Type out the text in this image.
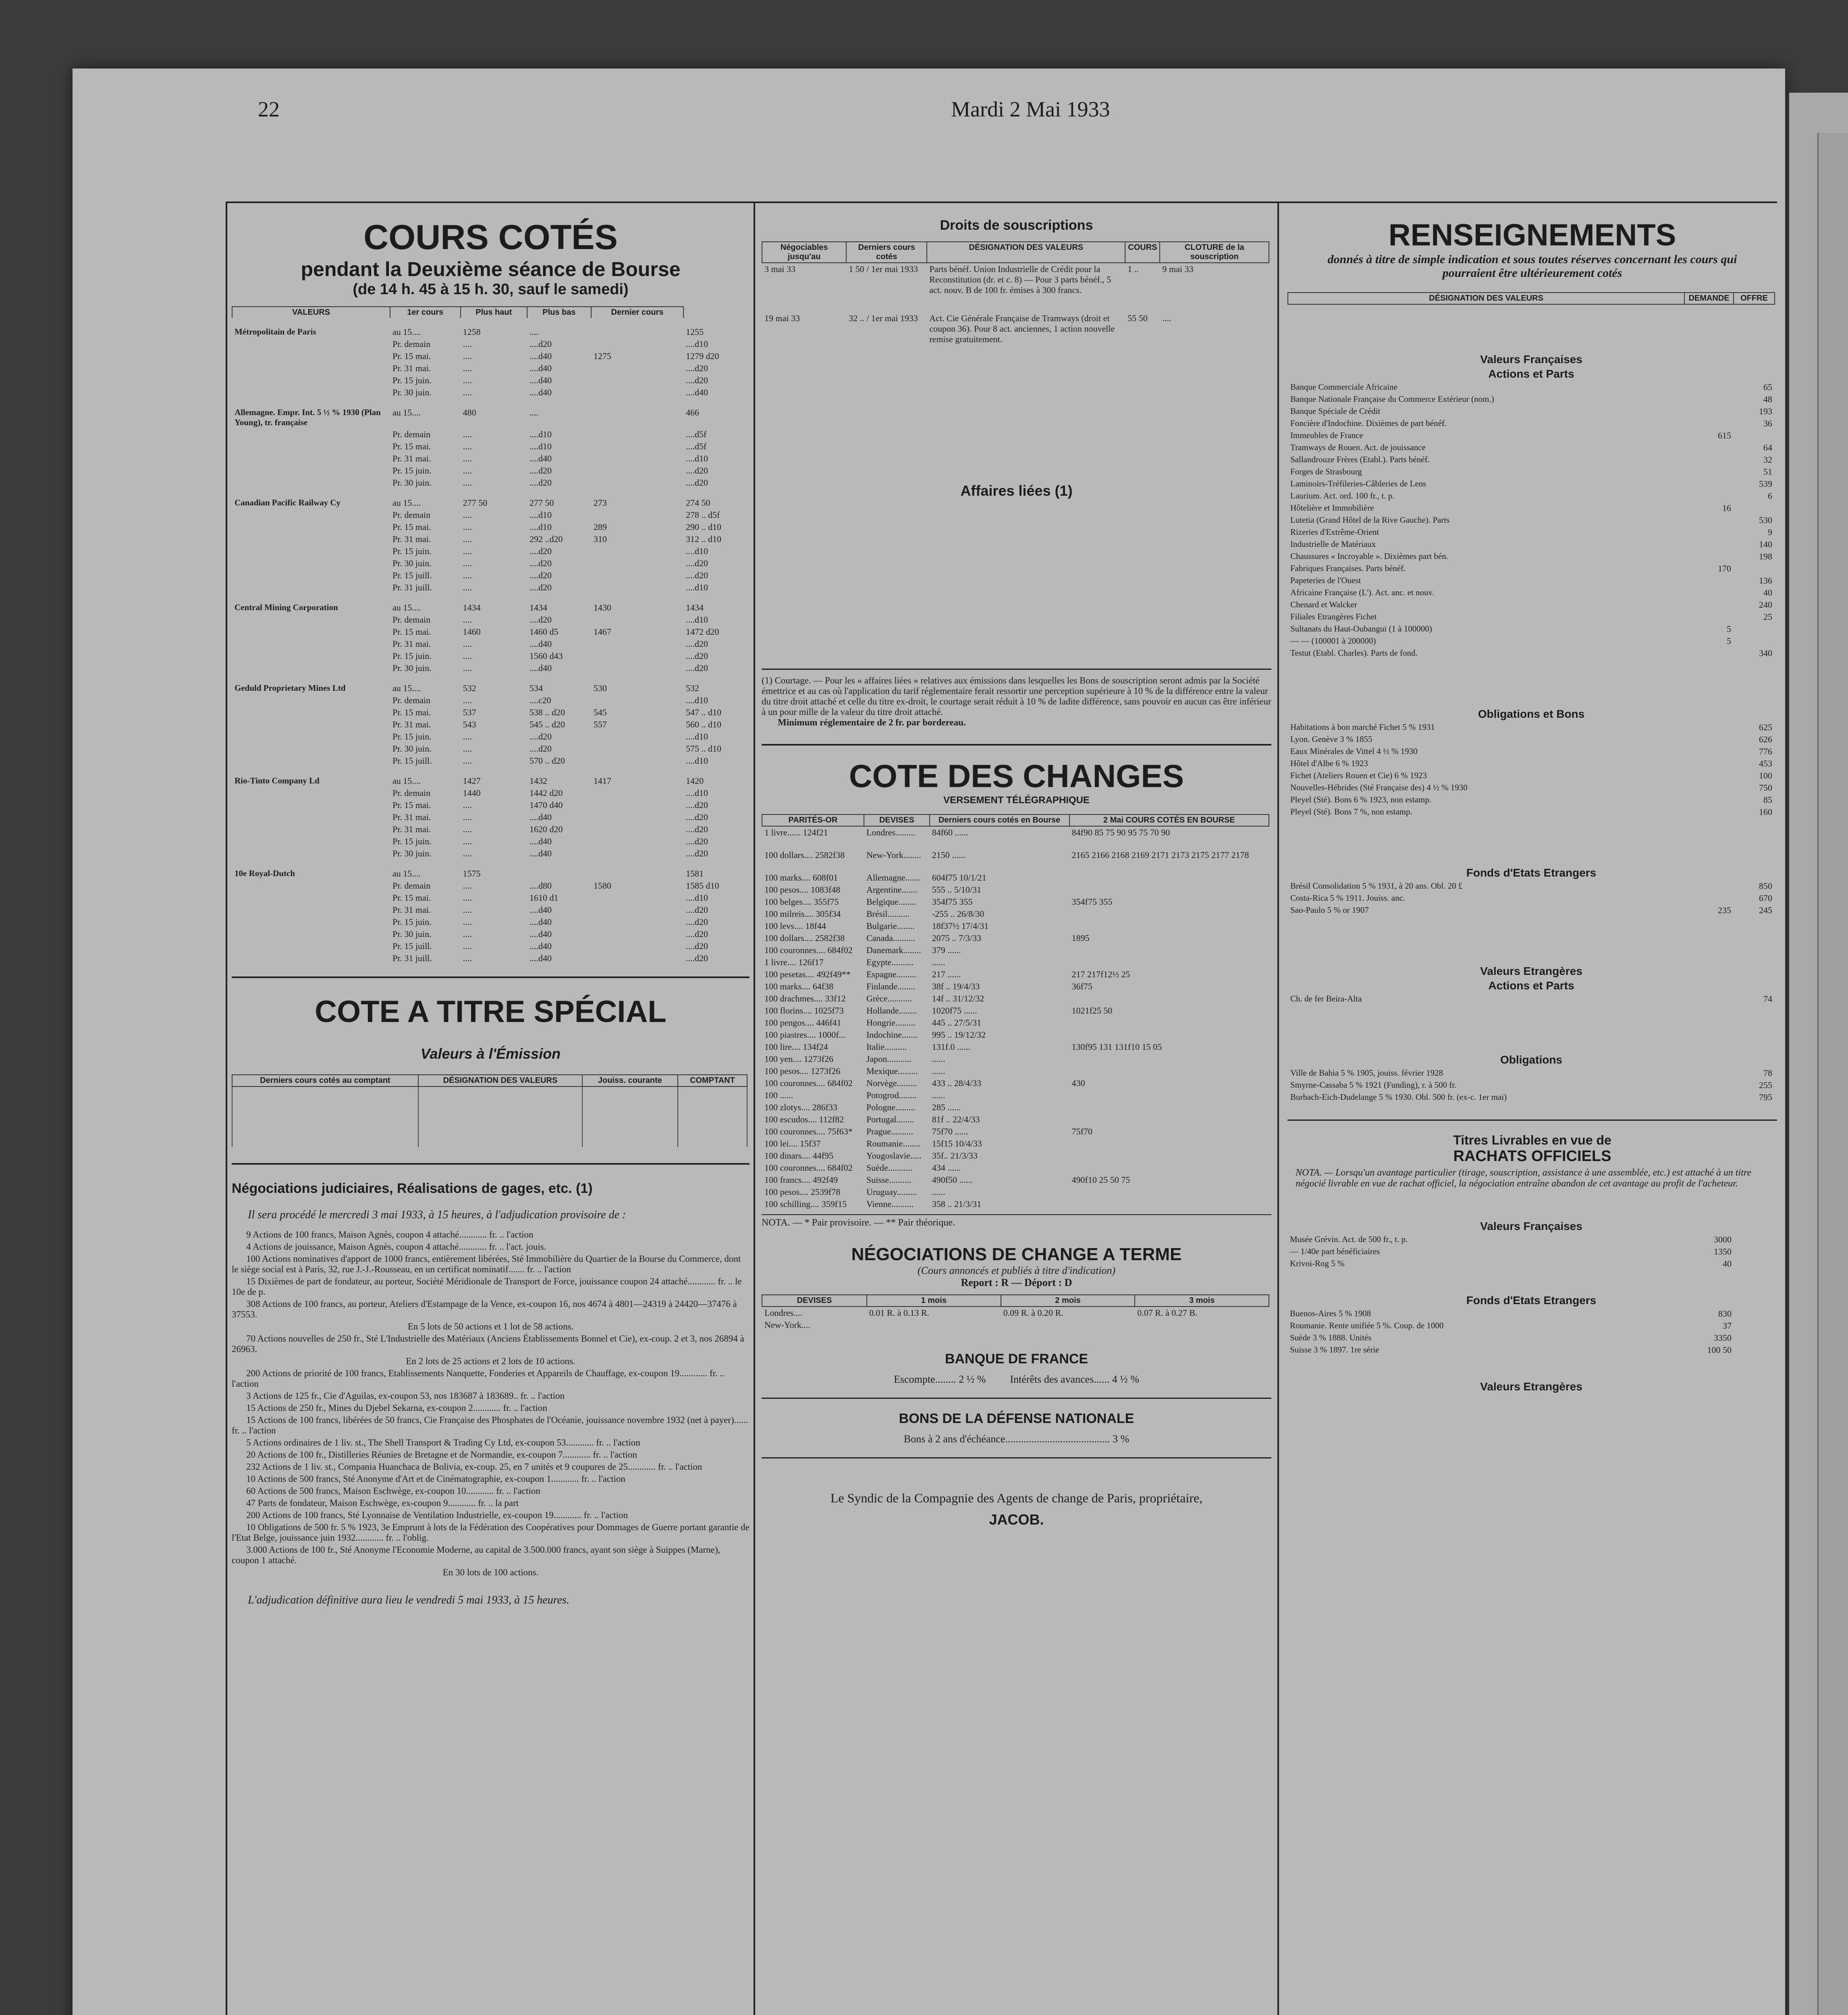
22	Mardi 2 Mai 1933
COURS COTÉS
pendant la Deuxième séance de Bourse
(de 14 h. 45 à 15 h. 30, sauf le samedi)
VALEURS	1er cours	Plus haut	Plus bas	Dernier cours	
Métropolitain de Paris	au 15....	1258	....		1255
	Pr. demain	....	....d20		....d10
	Pr. 15 mai.	....	....d40	1275	1279 d20
	Pr. 31 mai.	....	....d40		....d20
	Pr. 15 juin.	....	....d40		....d20
	Pr. 30 juin.	....	....d40		....d40
Allemagne. Empr. Int. 5 ½ % 1930 (Plan Young), tr. française	au 15....	480	....		466
	Pr. demain	....	....d10		....d5f
	Pr. 15 mai.	....	....d10		....d5f
	Pr. 31 mai.	....	....d40		....d10
	Pr. 15 juin.	....	....d20		....d20
	Pr. 30 juin.	....	....d20		....d20
Canadian Pacific Railway Cy	au 15....	277 50	277 50	273	274 50
	Pr. demain	....	....d10		278 .. d5f
	Pr. 15 mai.	....	....d10	289	290 .. d10
	Pr. 31 mai.	....	292 ..d20	310	312 .. d10
	Pr. 15 juin.	....	....d20		....d10
	Pr. 30 juin.	....	....d20		....d20
	Pr. 15 juill.	....	....d20		....d20
	Pr. 31 juill.	....	....d20		....d10
Central Mining Corporation	au 15....	1434	1434	1430	1434
	Pr. demain	....	....d20		....d10
	Pr. 15 mai.	1460	1460 d5	1467	1472 d20
	Pr. 31 mai.	....	....d40		....d20
	Pr. 15 juin.	....	1560 d43		....d20
	Pr. 30 juin.	....	....d40		....d20
Geduld Proprietary Mines Ltd	au 15....	532	534	530	532
	Pr. demain	....	....c20		....d10
	Pr. 15 mai.	537	538 .. d20	545	547 .. d10
	Pr. 31 mai.	543	545 .. d20	557	560 .. d10
	Pr. 15 juin.	....	....d20		....d10
	Pr. 30 juin.	....	....d20		575 .. d10
	Pr. 15 juill.	....	570 .. d20		....d10
Rio-Tinto Company Ld	au 15....	1427	1432	1417	1420
	Pr. demain	1440	1442 d20		....d10
	Pr. 15 mai.	....	1470 d40		....d20
	Pr. 31 mai.	....	....d40		....d20
	Pr. 31 mai.	....	1620 d20		....d20
	Pr. 15 juin.	....	....d40		....d20
	Pr. 30 juin.	....	....d40		....d20
10e Royal-Dutch	au 15....	1575			1581
	Pr. demain	....	....d80	1580	1585 d10
	Pr. 15 mai.	....	1610 d1		....d10
	Pr. 31 mai.	....	....d40		....d20
	Pr. 15 juin.	....	....d40		....d20
	Pr. 30 juin.	....	....d40		....d20
	Pr. 15 juill.	....	....d40		....d20
	Pr. 31 juill.	....	....d40		....d20
COTE A TITRE SPÉCIAL
Valeurs à l'Émission
Derniers cours cotés au comptant	DÉSIGNATION DES VALEURS	Jouiss. courante	COMPTANT

Négociations judiciaires, Réalisations de gages, etc. (1)
Il sera procédé le mercredi 3 mai 1933, à 15 heures, à l'adjudication provisoire de :
9 Actions de 100 francs, Maison Agnès, coupon 4 attaché............ fr. .. l'action
4 Actions de jouissance, Maison Agnès, coupon 4 attaché............ fr. .. l'act. jouis.
100 Actions nominatives d'apport de 1000 francs, entièrement libérées, Sté Immobilière du Quartier de la Bourse du Commerce, dont le siège social est à Paris, 32, rue J.-J.-Rousseau, en un certificat nominatif....... fr. .. l'action
15 Dixièmes de part de fondateur, au porteur, Société Méridionale de Transport de Force, jouissance coupon 24 attaché............ fr. .. le 10e de p.
308 Actions de 100 francs, au porteur, Ateliers d'Estampage de la Vence, ex-coupon 16, nos 4674 à 4801—24319 à 24420—37476 à 37553.
En 5 lots de 50 actions et 1 lot de 58 actions.
70 Actions nouvelles de 250 fr., Sté L'Industrielle des Matériaux (Anciens Établissements Bonnel et Cie), ex-coup. 2 et 3, nos 26894 à 26963.
En 2 lots de 25 actions et 2 lots de 10 actions.
200 Actions de priorité de 100 francs, Etablissements Nanquette, Fonderies et Appareils de Chauffage, ex-coupon 19............ fr. .. l'action
3 Actions de 125 fr., Cie d'Aguilas, ex-coupon 53, nos 183687 à 183689.. fr. .. l'action
15 Actions de 250 fr., Mines du Djebel Sekarna, ex-coupon 2............ fr. .. l'action
15 Actions de 100 francs, libérées de 50 francs, Cie Française des Phosphates de l'Océanie, jouissance novembre 1932 (net à payer)...... fr. .. l'action
5 Actions ordinaires de 1 liv. st., The Shell Transport & Trading Cy Ltd, ex-coupon 53............ fr. .. l'action
20 Actions de 100 fr., Distilleries Réunies de Bretagne et de Normandie, ex-coupon 7............ fr. .. l'action
232 Actions de 1 liv. st., Compania Huanchaca de Bolivia, ex-coup. 25, en 7 unités et 9 coupures de 25............ fr. .. l'action
10 Actions de 500 francs, Sté Anonyme d'Art et de Cinématographie, ex-coupon 1............ fr. .. l'action
60 Actions de 500 francs, Maison Eschwège, ex-coupon 10............ fr. .. l'action
47 Parts de fondateur, Maison Eschwège, ex-coupon 9............ fr. .. la part
200 Actions de 100 francs, Sté Lyonnaise de Ventilation Industrielle, ex-coupon 19............ fr. .. l'action
10 Obligations de 500 fr. 5 % 1923, 3e Emprunt à lots de la Fédération des Coopératives pour Dommages de Guerre portant garantie de l'Etat Belge, jouissance juin 1932............ fr. .. l'oblig.
3.000 Actions de 100 fr., Sté Anonyme l'Economie Moderne, au capital de 3.500.000 francs, ayant son siège à Suippes (Marne), coupon 1 attaché.
En 30 lots de 100 actions.
L'adjudication définitive aura lieu le vendredi 5 mai 1933, à 15 heures.
Droits de souscriptions
Négociables jusqu'au	Derniers cours cotés	DÉSIGNATION DES VALEURS	COURS	CLOTURE de la souscription
3 mai 33	1 50 / 1er mai 1933	Parts bénéf. Union Industrielle de Crédit pour la Reconstitution (dr. et c. 8) — Pour 3 parts bénéf., 5 act. nouv. B de 100 fr. émises à 300 francs.	1 ..	9 mai 33
19 mai 33	32 .. / 1er mai 1933	Act. Cie Générale Française de Tramways (droit et coupon 36). Pour 8 act. anciennes, 1 action nouvelle remise gratuitement.	55 50	....
Affaires liées (1)
(1) Courtage. — Pour les « affaires liées » relatives aux émissions dans lesquelles les Bons de souscription seront admis par la Société émettrice et au cas où l'application du tarif réglementaire ferait ressortir une perception supérieure à 10 % de la différence entre la valeur du titre droit attaché et celle du titre ex-droit, le courtage serait réduit à 10 % de ladite différence, sans pouvoir en aucun cas être inférieur à un pour mille de la valeur du titre droit attaché.
Minimum réglementaire de 2 fr. par bordereau.
COTE DES CHANGES
VERSEMENT TÉLÉGRAPHIQUE
PARITÉS-OR	DEVISES	Derniers cours cotés en Bourse	2 Mai COURS COTÉS EN BOURSE
1 livre...... 124f21	Londres.........	84f60 ......	84f90 85 75 90 95 75 70 90
100 dollars.... 2582f38	New-York........	2150 ......	2165 2166 2168 2169 2171 2173 2175 2177 2178
100 marks.... 608f01	Allemagne.......	604f75 10/1/21	
100 pesos.... 1083f48	Argentine.......	555 .. 5/10/31	
100 belges.... 355f75	Belgique........	354f75 355	354f75 355
100 milreis.... 305f34	Brésil..........	-255 .. 26/8/30	
100 levs.... 18f44	Bulgarie........	18f37½ 17/4/31	
100 dollars.... 2582f38	Canada..........	2075 .. 7/3/33	1895
100 couronnes.... 684f02	Danemark........	379 ......	
1 livre.... 126f17	Egypte..........	......	
100 pesetas.... 492f49**	Espagne.........	217 ......	217 217f12½ 25
100 marks.... 64f38	Finlande........	38f .. 19/4/33	36f75
100 drachmes.... 33f12	Grèce...........	14f .. 31/12/32	
100 florins.... 1025f73	Hollande........	1020f75 ......	1021f25 50
100 pengos.... 446f41	Hongrie.........	445 .. 27/5/31	
100 piastres.... 1000f...	Indochine.......	995 .. 19/12/32	
100 lire.... 134f24	Italie..........	131f.0 ......	130f95 131 131f10 15 05
100 yen.... 1273f26	Japon...........	......	
100 pesos.... 1273f26	Mexique.........	......	
100 couronnes.... 684f02	Norvège.........	433 .. 28/4/33	430
100 ......	Potogrod........	......	
100 zlotys.... 286f33	Pologne.........	285 ......	
100 escudos.... 112f82	Portugal........	81f .. 22/4/33	
100 couronnes.... 75f63*	Prague..........	75f70 ......	75f70
100 lei.... 15f37	Roumanie........	15f15 10/4/33	
100 dinars.... 44f95	Yougoslavie.....	35f.. 21/3/33	
100 couronnes.... 684f02	Suède...........	434 ......	
100 francs.... 492f49	Suisse..........	490f50 ......	490f10 25 50 75
100 pesos.... 2539f78	Uruguay.........	......	
100 schilling.... 359f15	Vienne..........	358 .. 21/3/31	
NOTA. — * Pair provisoire. — ** Pair théorique.
NÉGOCIATIONS DE CHANGE A TERME
(Cours annoncés et publiés à titre d'indication)
Report : R — Déport : D
DEVISES	1 mois	2 mois	3 mois
Londres....	0.01 R. à 0.13 R.	0.09 R. à 0.20 R.	0.07 R. à 0.27 B.
New-York....			
BANQUE DE FRANCE
Escompte........ 2 ½ % Intérêts des avances...... 4 ½ %
BONS DE LA DÉFENSE NATIONALE
Bons à 2 ans d'échéance........................................ 3 %
Le Syndic de la Compagnie des Agents de change de Paris, propriétaire,
JACOB.
RENSEIGNEMENTS
donnés à titre de simple indication et sous toutes réserves concernant les cours qui pourraient être ultérieurement cotés
DÉSIGNATION DES VALEURS	DEMANDE	OFFRE
Valeurs Françaises		
Actions et Parts		
Banque Commerciale Africaine		65
Banque Nationale Française du Commerce Extérieur (nom.)		48
Banque Spéciale de Crédit		193
Foncière d'Indochine. Dixièmes de part bénéf.		36
Immeubles de France	615	
Tramways de Rouen. Act. de jouissance		64
Sallandrouze Frères (Etabl.). Parts bénéf.		32
Forges de Strasbourg		51
Laminoirs-Tréfileries-Câbleries de Lens		539
Laurium. Act. ord. 100 fr., t. p.		6
Hôtelière et Immobilière	16	
Lutetia (Grand Hôtel de la Rive Gauche). Parts		530
Rizeries d'Extrême-Orient		9
Industrielle de Matériaux		140
Chaussures « Incroyable ». Dixièmes part bén.		198
Fabriques Françaises. Parts bénéf.	170	
Papeteries de l'Ouest		136
Africaine Française (L'). Act. anc. et nouv.		40
Chenard et Walcker		240
Filiales Etrangères Fichet		25
Sultanats du Haut-Oubangui (1 à 100000)	5	
— — (100001 à 200000)	5	
Testut (Etabl. Charles). Parts de fond.		340
Obligations et Bons		
Habitations à bon marché Fichet 5 % 1931		625
Lyon. Genève 3 % 1855		626
Eaux Minérales de Vittel 4 ½ % 1930		776
Hôtel d'Albe 6 % 1923		453
Fichet (Ateliers Rouen et Cie) 6 % 1923		100
Nouvelles-Hébrides (Sté Française des) 4 ½ % 1930		750
Pleyel (Sté). Bons 6 % 1923, non estamp.		85
Pleyel (Sté). Bons 7 %, non estamp.		160
Fonds d'Etats Etrangers		
Brésil Consolidation 5 % 1931, à 20 ans. Obl. 20 £		850
Costa-Rica 5 % 1911. Jouiss. anc.		670
Sao-Paulo 5 % or 1907	235	245
Valeurs Etrangères		
Actions et Parts		
Ch. de fer Beira-Alta		74
Obligations		
Ville de Bahia 5 % 1905, jouiss. février 1928		78
Smyrne-Cassaba 5 % 1921 (Funding), r. à 500 fr.		255
Burbach-Eich-Dudelange 5 % 1930. Obl. 500 fr. (ex-c. 1er mai)		795
Titres Livrables en vue de
RACHATS OFFICIELS
NOTA. — Lorsqu'un avantage particulier (tirage, souscription, assistance à une assemblée, etc.) est attaché à un titre négocié livrable en vue de rachat officiel, la négociation entraîne abandon de cet avantage au profit de l'acheteur.
Valeurs Françaises		
Musée Grévin. Act. de 500 fr., t. p.	3000	
— 1/40e part bénéficiaires	1350	
Krivoi-Rog 5 %	40	
Fonds d'Etats Etrangers		
Buenos-Aires 5 % 1908	830	
Roumanie. Rente unifiée 5 %. Coup. de 1000	37	
Suède 3 % 1888. Unités	3350	
Suisse 3 % 1897. 1re série	100 50	
Valeurs Etrangères		
